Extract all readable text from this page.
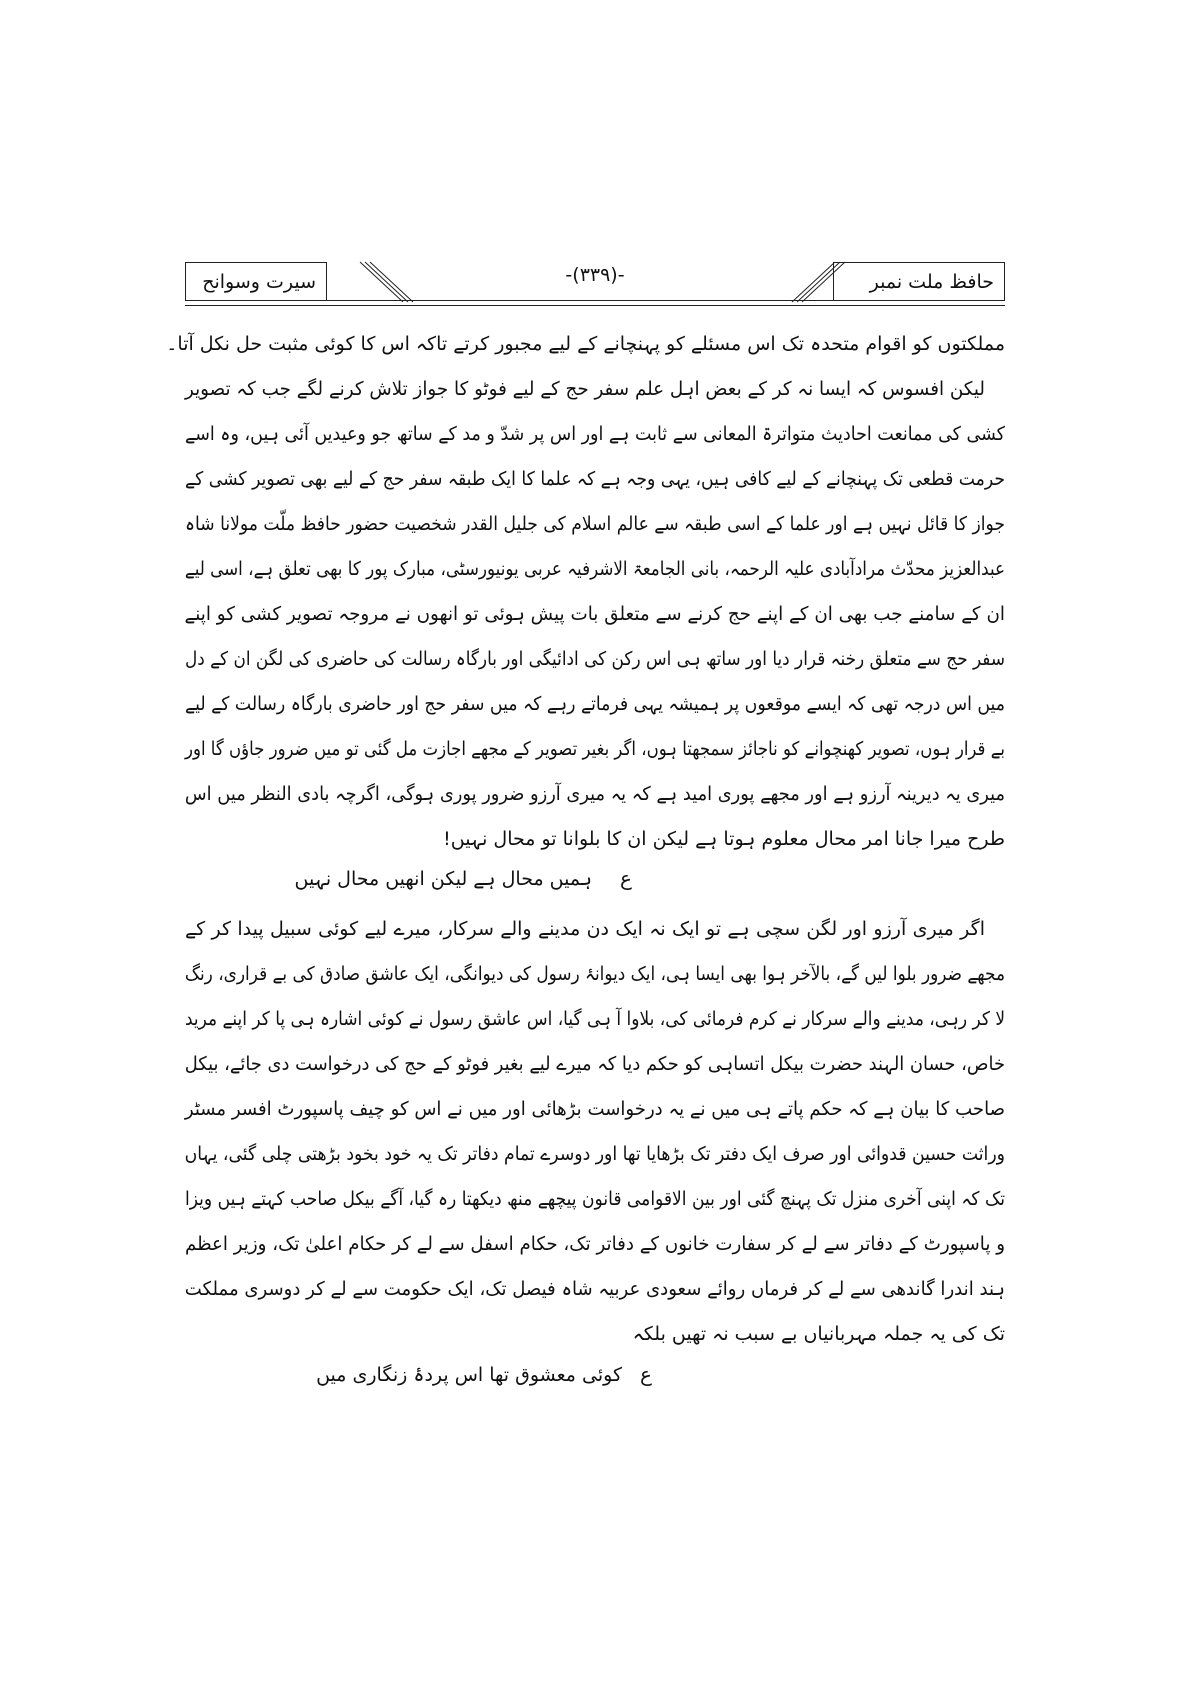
حافظ ملت نمبر
-(۳۳۹)-
سیرت وسوانح
مملکتوں کو اقوام متحدہ تک اس مسئلے کو پہنچانے کے لیے مجبور کرتے تاکہ اس کا کوئی مثبت حل نکل آتا۔
لیکن افسوس کہ ایسا نہ کر کے بعض اہل علم سفر حج کے لیے فوٹو کا جواز تلاش کرنے لگے جب کہ تصویر
کشی کی ممانعت احادیث متواترۃ المعانی سے ثابت ہے اور اس پر شدّ و مد کے ساتھ جو وعیدیں آئی ہیں، وہ اسے
حرمت قطعی تک پہنچانے کے لیے کافی ہیں، یہی وجہ ہے کہ علما کا ایک طبقہ سفر حج کے لیے بھی تصویر کشی کے
جواز کا قائل نہیں ہے اور علما کے اسی طبقہ سے عالم اسلام کی جلیل القدر شخصیت حضور حافظ ملّت مولانا شاہ
عبدالعزیز محدّث مرادآبادی علیہ الرحمہ، بانی الجامعۃ الاشرفیہ عربی یونیورسٹی، مبارک پور کا بھی تعلق ہے، اسی لیے
ان کے سامنے جب بھی ان کے اپنے حج کرنے سے متعلق بات پیش ہوئی تو انھوں نے مروجہ تصویر کشی کو اپنے
سفر حج سے متعلق رخنہ قرار دیا اور ساتھ ہی اس رکن کی ادائیگی اور بارگاہ رسالت کی حاضری کی لگن ان کے دل
میں اس درجہ تھی کہ ایسے موقعوں پر ہمیشہ یہی فرماتے رہے کہ میں سفر حج اور حاضری بارگاہ رسالت کے لیے
بے قرار ہوں، تصویر کھنچوانے کو ناجائز سمجھتا ہوں، اگر بغیر تصویر کے مجھے اجازت مل گئی تو میں ضرور جاؤں گا اور
میری یہ دیرینہ آرزو ہے اور مجھے پوری امید ہے کہ یہ میری آرزو ضرور پوری ہوگی، اگرچہ بادی النظر میں اس
طرح میرا جانا امر محال معلوم ہوتا ہے لیکن ان کا بلوانا تو محال نہیں!
ع
ہمیں محال ہے لیکن انھیں محال نہیں
اگر میری آرزو اور لگن سچی ہے تو ایک نہ ایک دن مدینے والے سرکار، میرے لیے کوئی سبیل پیدا کر کے
مجھے ضرور بلوا لیں گے، بالآخر ہوا بھی ایسا ہی، ایک دیوانۂ رسول کی دیوانگی، ایک عاشق صادق کی بے قراری، رنگ
لا کر رہی، مدینے والے سرکار نے کرم فرمائی کی، بلاوا آ ہی گیا، اس عاشق رسول نے کوئی اشارہ ہی پا کر اپنے مرید
خاص، حسان الہند حضرت بیکل اتساہی کو حکم دیا کہ میرے لیے بغیر فوٹو کے حج کی درخواست دی جائے، بیکل
صاحب کا بیان ہے کہ حکم پاتے ہی میں نے یہ درخواست بڑھائی اور میں نے اس کو چیف پاسپورٹ افسر مسٹر
وراثت حسین قدوائی اور صرف ایک دفتر تک بڑھایا تھا اور دوسرے تمام دفاتر تک یہ خود بخود بڑھتی چلی گئی، یہاں
تک کہ اپنی آخری منزل تک پہنچ گئی اور بین الاقوامی قانون پیچھے منھ دیکھتا رہ گیا، آگے بیکل صاحب کہتے ہیں ویزا
و پاسپورٹ کے دفاتر سے لے کر سفارت خانوں کے دفاتر تک، حکام اسفل سے لے کر حکام اعلیٰ تک، وزیر اعظم
ہند اندرا گاندھی سے لے کر فرماں روائے سعودی عربیہ شاہ فیصل تک، ایک حکومت سے لے کر دوسری مملکت
تک کی یہ جملہ مہربانیاں بے سبب نہ تھیں بلکہ
ع
کوئی معشوق تھا اس پردۂ زنگاری میں
